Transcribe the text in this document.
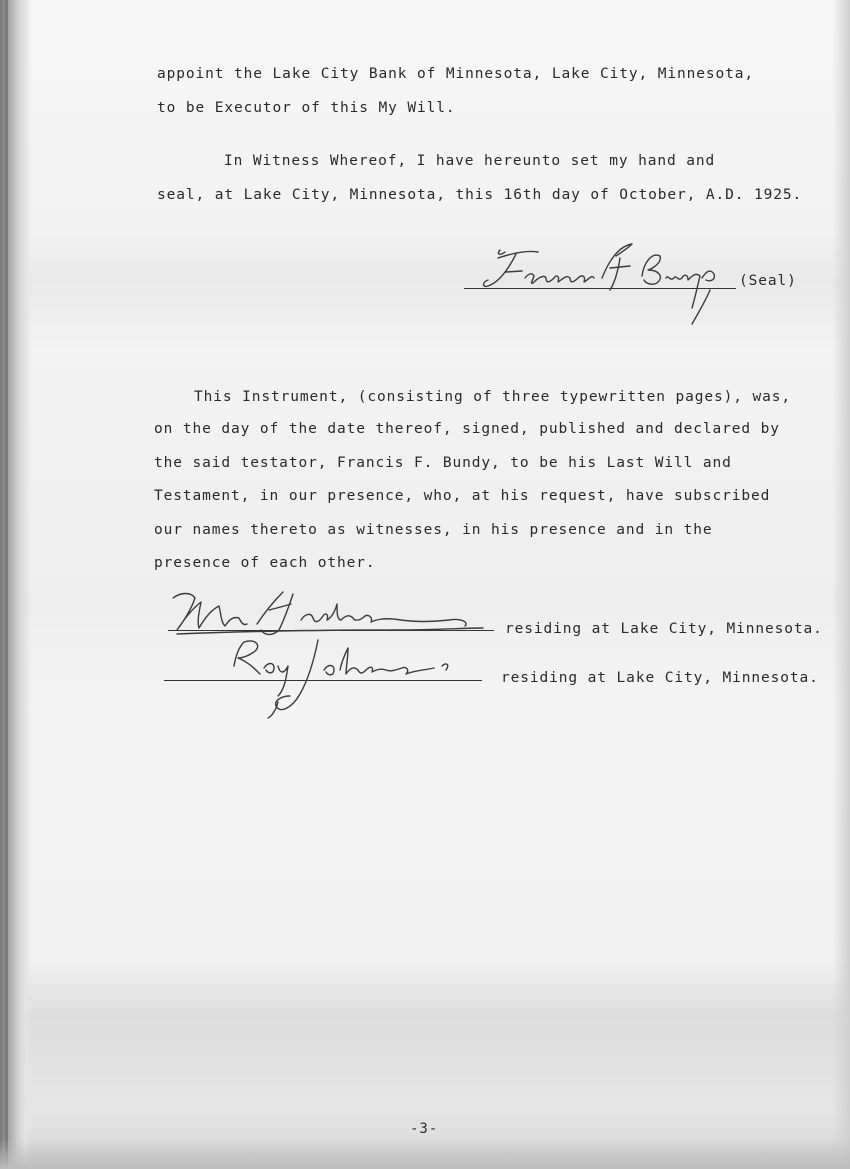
appoint the Lake City Bank of Minnesota, Lake City, Minnesota,
to be Executor of this My Will.
In Witness Whereof, I have hereunto set my hand and
seal, at Lake City, Minnesota, this 16th day of October, A.D. 1925.
(Seal)
This Instrument, (consisting of three typewritten pages), was,
on the day of the date thereof, signed, published and declared by
the said testator, Francis F. Bundy, to be his Last Will and
Testament, in our presence, who, at his request, have subscribed
our names thereto as witnesses, in his presence and in the
presence of each other.
residing at Lake City, Minnesota.
residing at Lake City, Minnesota.
-3-
